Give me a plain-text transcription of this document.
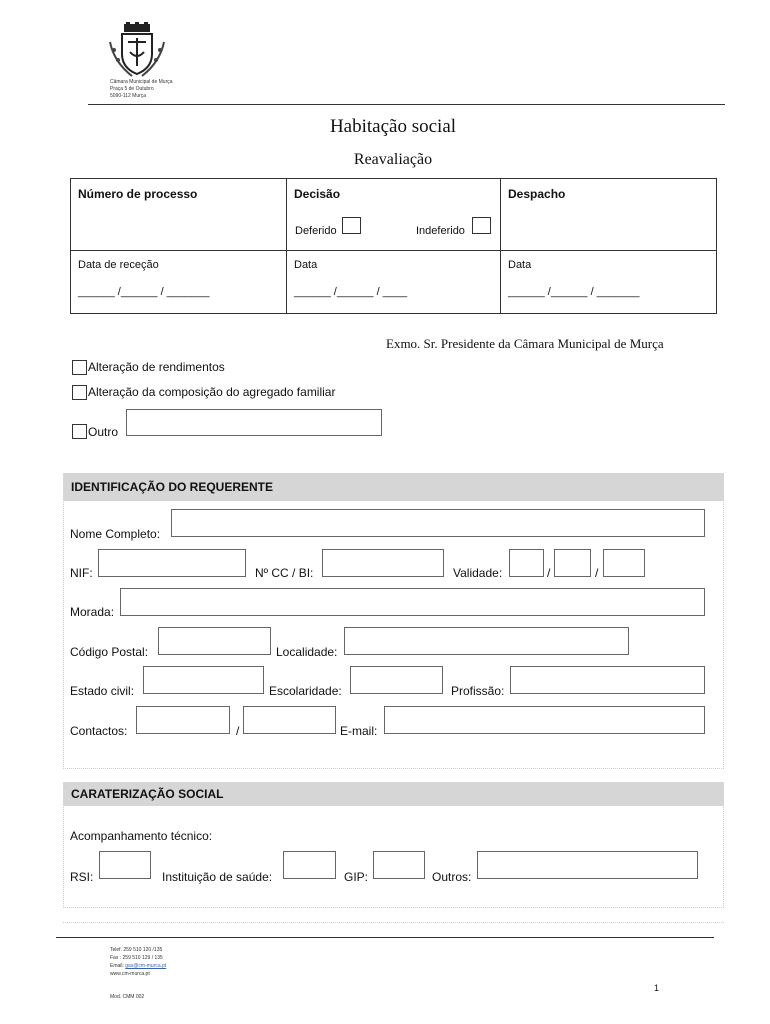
Câmara Municipal de Murça
Praça 5 de Outubro
5090-112 Murça
Habitação social
Reavaliação
Número de processo	Decisão	Despacho
Deferido	Indeferido
Data de receção	Data	Data
______ /______ / _______	______ /______ / ____	______ /______ / _______
Exmo. Sr. Presidente da Câmara Municipal de Murça
Alteração de rendimentos
Alteração da composição do agregado familiar
Outro
IDENTIFICAÇÃO DO REQUERENTE
Nome Completo:
NIF:	Nº CC / BI:	Validade:	/	/
Morada:
Código Postal:	Localidade:
Estado civil:	Escolaridade:	Profissão:
Contactos:	/	E-mail:
CARATERIZAÇÃO SOCIAL
Acompanhamento técnico:
RSI:	Instituição de saúde:	GIP:	Outros:
Telef. 259 510 120 /135
Fax : 259 510 129 / 135
Email: gas@cm-murca.pt
www.cm-murca.pt
Mod. CMM 002
1
